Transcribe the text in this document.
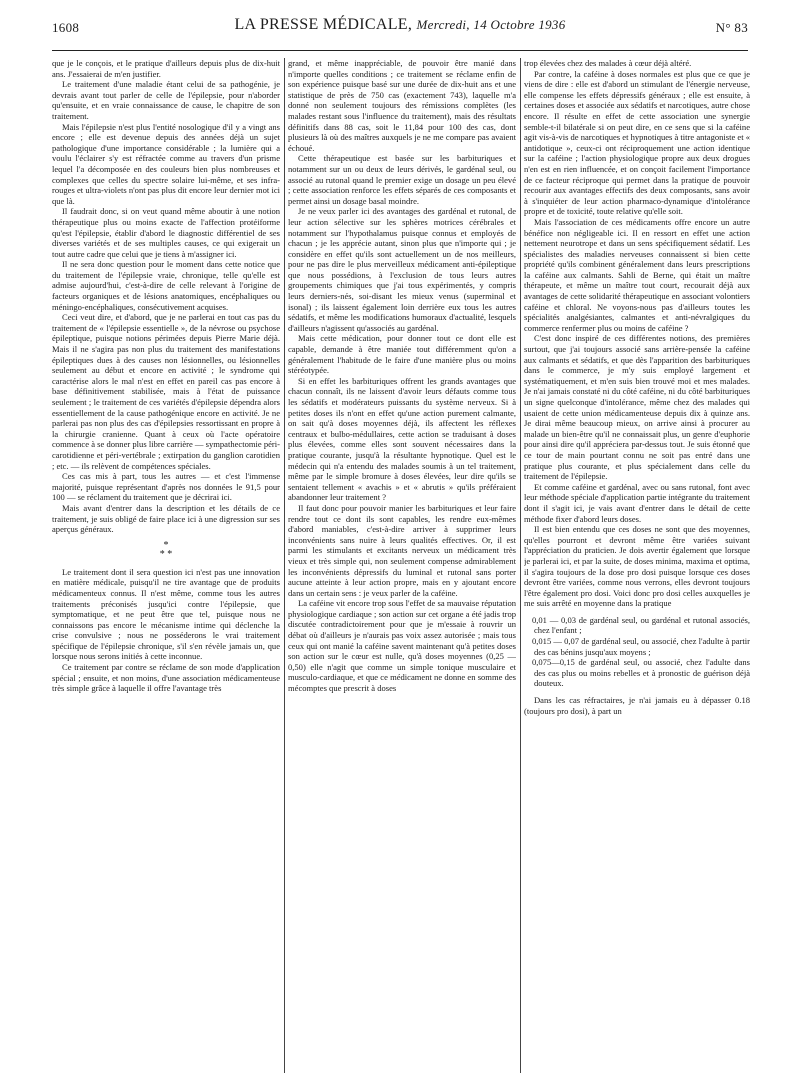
1608	LA PRESSE MÉDICALE, Mercredi, 14 Octobre 1936	N° 83

que je le conçois, et le pratique d'ailleurs depuis plus de dix-huit ans. J'essaierai de m'en justifier.

Le traitement d'une maladie étant celui de sa pathogénie, je devrais avant tout parler de celle de l'épilepsie, pour n'aborder qu'ensuite, et en vraie connaissance de cause, le chapitre de son traitement.

Mais l'épilepsie n'est plus l'entité nosologique d'il y a vingt ans encore ; elle est devenue depuis des années déjà un sujet pathologique d'une importance considérable ; la lumière qui a voulu l'éclairer s'y est réfractée comme au travers d'un prisme lequel l'a décomposée en des couleurs bien plus nombreuses et complexes que celles du spectre solaire lui-même, et ses infra-rouges et ultra-violets n'ont pas plus dit encore leur dernier mot ici que là.

Il faudrait donc, si on veut quand même aboutir à une notion thérapeutique plus ou moins exacte de l'affection protéiforme qu'est l'épilepsie, établir d'abord le diagnostic différentiel de ses diverses variétés et de ses multiples causes, ce qui exigerait un tout autre cadre que celui que je tiens à m'assigner ici.

Il ne sera donc question pour le moment dans cette notice que du traitement de l'épilepsie vraie, chronique, telle qu'elle est admise aujourd'hui, c'est-à-dire de celle relevant à l'origine de facteurs organiques et de lésions anatomiques, encéphaliques ou méningo-encéphaliques, consécutivement acquises.

Ceci veut dire, et d'abord, que je ne parlerai en tout cas pas du traitement de « l'épilepsie essentielle », de la névrose ou psychose épileptique, puisque notions périmées depuis Pierre Marie déjà. Mais il ne s'agira pas non plus du traitement des manifestations épileptiques dues à des causes non lésionnelles, ou lésionnelles seulement au début et encore en activité ; le syndrome qui caractérise alors le mal n'est en effet en pareil cas pas encore à base définitivement stabilisée, mais à l'état de puissance seulement ; le traitement de ces variétés d'épilepsie dépendra alors essentiellement de la cause pathogénique encore en activité. Je ne parlerai pas non plus des cas d'épilepsies ressortissant en propre à la chirurgie cranienne. Quant à ceux où l'acte opératoire commence à se donner plus libre carrière — sympathectomie péri-carotidienne et péri-vertébrale ; extirpation du ganglion carotidien ; etc. — ils relèvent de compétences spéciales.

Ces cas mis à part, tous les autres — et c'est l'immense majorité, puisque représentant d'après nos données le 91,5 pour 100 — se réclament du traitement que je décrirai ici.

Mais avant d'entrer dans la description et les détails de ce traitement, je suis obligé de faire place ici à une digression sur ses aperçus généraux.

*
* *

Le traitement dont il sera question ici n'est pas une innovation en matière médicale, puisqu'il ne tire avantage que de produits médicamenteux connus. Il n'est même, comme tous les autres traitements préconisés jusqu'ici contre l'épilepsie, que symptomatique, et ne peut être que tel, puisque nous ne connaissons pas encore le mécanisme intime qui déclenche la crise convulsive ; nous ne posséderons le vrai traitement spécifique de l'épilepsie chronique, s'il s'en révèle jamais un, que lorsque nous serons initiés à cette inconnue.

Ce traitement par contre se réclame de son mode d'application spécial ; ensuite, et non moins, d'une association médicamenteuse très simple grâce à laquelle il offre l'avantage très

grand, et même inappréciable, de pouvoir être manié dans n'importe quelles conditions ; ce traitement se réclame enfin de son expérience puisque basé sur une durée de dix-huit ans et une statistique de près de 750 cas (exactement 743), laquelle m'a donné non seulement toujours des rémissions complètes (les malades restant sous l'influence du traitement), mais des résultats définitifs dans 88 cas, soit le 11,84 pour 100 des cas, dont plusieurs là où des maîtres auxquels je ne me compare pas avaient échoué.

Cette thérapeutique est basée sur les barbituriques et notamment sur un ou deux de leurs dérivés, le gardénal seul, ou associé au rutonal quand le premier exige un dosage un peu élevé ; cette association renforce les effets séparés de ces composants et permet ainsi un dosage basal moindre.

Je ne veux parler ici des avantages des gardénal et rutonal, de leur action sélective sur les sphères motrices cérébrales et notamment sur l'hypothalamus puisque connus et employés de chacun ; je les apprécie autant, sinon plus que n'importe qui ; je considère en effet qu'ils sont actuellement un de nos meilleurs, pour ne pas dire le plus merveilleux médicament anti-épileptique que nous possédions, à l'exclusion de tous leurs autres groupements chimiques que j'ai tous expérimentés, y compris leurs derniers-nés, soi-disant les mieux venus (superminal et isonal) ; ils laissent également loin derrière eux tous les autres sédatifs, et même les modifications humoraux d'actualité, lesquels d'ailleurs n'agissent qu'associés au gardénal.

Mais cette médication, pour donner tout ce dont elle est capable, demande à être maniée tout différemment qu'on a généralement l'habitude de le faire d'une manière plus ou moins stéréotypée.

Si en effet les barbituriques offrent les grands avantages que chacun connaît, ils ne laissent d'avoir leurs défauts comme tous les sédatifs et modérateurs puissants du système nerveux. Si à petites doses ils n'ont en effet qu'une action purement calmante, on sait qu'à doses moyennes déjà, ils affectent les réflexes centraux et bulbo-médullaires, cette action se traduisant à doses plus élevées, comme elles sont souvent nécessaires dans la pratique courante, jusqu'à la résultante hypnotique. Quel est le médecin qui n'a entendu des malades soumis à un tel traitement, même par le simple bromure à doses élevées, leur dire qu'ils se sentaient tellement « avachis » et « abrutis » qu'ils préféraient abandonner leur traitement ?

Il faut donc pour pouvoir manier les barbituriques et leur faire rendre tout ce dont ils sont capables, les rendre eux-mêmes d'abord maniables, c'est-à-dire arriver à supprimer leurs inconvénients sans nuire à leurs qualités effectives. Or, il est parmi les stimulants et excitants nerveux un médicament très vieux et très simple qui, non seulement compense admirablement les inconvénients dépressifs du luminal et rutonal sans porter aucune atteinte à leur action propre, mais en y ajoutant encore dans un certain sens : je veux parler de la caféine.

La caféine vit encore trop sous l'effet de sa mauvaise réputation physiologique cardiaque ; son action sur cet organe a été jadis trop discutée contradictoirement pour que je m'essaie à rouvrir un débat où d'ailleurs je n'aurais pas voix assez autorisée ; mais tous ceux qui ont manié la caféine savent maintenant qu'à petites doses son action sur le cœur est nulle, qu'à doses moyennes (0,25 — 0,50) elle n'agit que comme un simple tonique musculaire et musculo-cardiaque, et que ce médicament ne donne en somme des mécomptes que prescrit à doses

trop élevées chez des malades à cœur déjà altéré.

Par contre, la caféine à doses normales est plus que ce que je viens de dire : elle est d'abord un stimulant de l'énergie nerveuse, elle compense les effets dépressifs généraux ; elle est ensuite, à certaines doses et associée aux sédatifs et narcotiques, autre chose encore. Il résulte en effet de cette association une synergie semble-t-il bilatérale si on peut dire, en ce sens que si la caféine agit vis-à-vis de narcotiques et hypnotiques à titre antagoniste et « antidotique », ceux-ci ont réciproquement une action identique sur la caféine ; l'action physiologique propre aux deux drogues n'en est en rien influencée, et on conçoit facilement l'importance de ce facteur réciproque qui permet dans la pratique de pouvoir recourir aux avantages effectifs des deux composants, sans avoir à s'inquiéter de leur action pharmaco-dynamique d'intolérance propre et de toxicité, toute relative qu'elle soit.

Mais l'association de ces médicaments offre encore un autre bénéfice non négligeable ici. Il en ressort en effet une action nettement neurotrope et dans un sens spécifiquement sédatif. Les spécialistes des maladies nerveuses connaissent si bien cette propriété qu'ils combinent généralement dans leurs prescriptions la caféine aux calmants. Sahli de Berne, qui était un maître thérapeute, et même un maître tout court, recourait déjà aux avantages de cette solidarité thérapeutique en associant volontiers caféine et chloral. Ne voyons-nous pas d'ailleurs toutes les spécialités analgésiantes, calmantes et anti-névralgiques du commerce renfermer plus ou moins de caféine ?

C'est donc inspiré de ces différentes notions, des premières surtout, que j'ai toujours associé sans arrière-pensée la caféine aux calmants et sédatifs, et que dès l'apparition des barbituriques dans le commerce, je m'y suis employé largement et systématiquement, et m'en suis bien trouvé moi et mes malades. Je n'ai jamais constaté ni du côté caféine, ni du côté barbituriques un signe quelconque d'intolérance, même chez des malades qui usaient de cette union médicamenteuse depuis dix à quinze ans. Je dirai même beaucoup mieux, on arrive ainsi à procurer au malade un bien-être qu'il ne connaissait plus, un genre d'euphorie pour ainsi dire qu'il appréciera par-dessus tout. Je suis étonné que ce tour de main pourtant connu ne soit pas entré dans une pratique plus courante, et plus spécialement dans celle du traitement de l'épilepsie.

Et comme caféine et gardénal, avec ou sans rutonal, font avec leur méthode spéciale d'application partie intégrante du traitement dont il s'agit ici, je vais avant d'entrer dans le détail de cette méthode fixer d'abord leurs doses.

Il est bien entendu que ces doses ne sont que des moyennes, qu'elles pourront et devront même être variées suivant l'appréciation du praticien. Je dois avertir également que lorsque je parlerai ici, et par la suite, de doses minima, maxima et optima, il s'agira toujours de la dose pro dosi puisque lorsque ces doses devront être variées, comme nous verrons, elles devront toujours l'être également pro dosi. Voici donc pro dosi celles auxquelles je me suis arrêté en moyenne dans la pratique

0,01 — 0,03 de gardénal seul, ou gardénal et rutonal associés, chez l'enfant ;

0,015 — 0,07 de gardénal seul, ou associé, chez l'adulte à partir des cas bénins jusqu'aux moyens ;

0,075—0,15 de gardénal seul, ou associé, chez l'adulte dans des cas plus ou moins rebelles et à pronostic de guérison déjà douteux.

Dans les cas réfractaires, je n'ai jamais eu à dépasser 0.18 (toujours pro dosi), à part un
